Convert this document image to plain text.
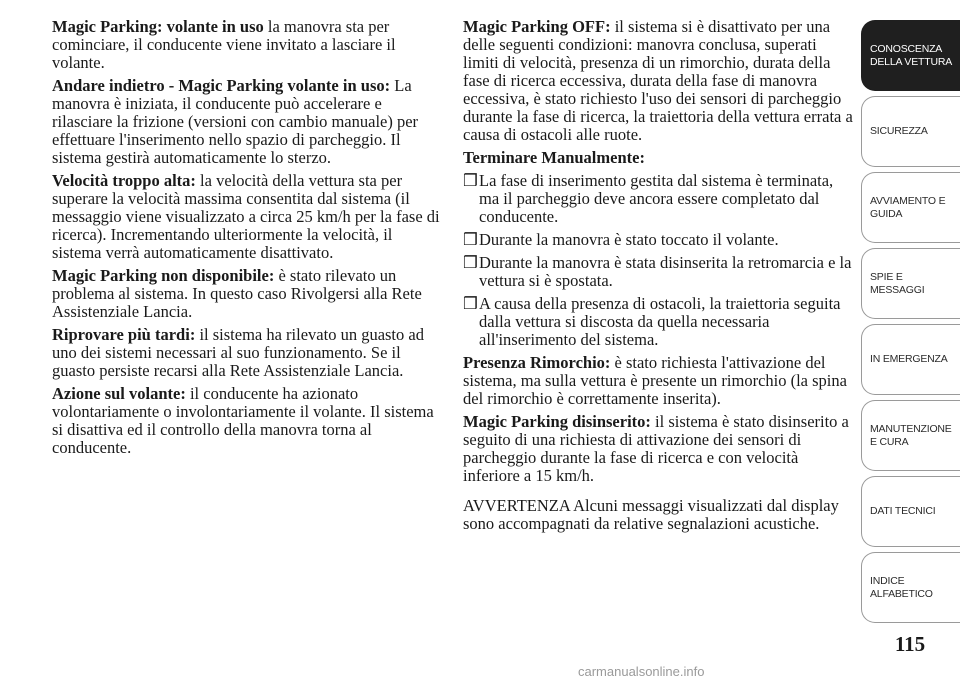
Magic Parking: volante in uso la manovra sta per cominciare, il conducente viene invitato a lasciare il volante.

Andare indietro - Magic Parking volante in uso: La manovra è iniziata, il conducente può accelerare e rilasciare la frizione (versioni con cambio manuale) per effettuare l'inserimento nello spazio di parcheggio. Il sistema gestirà automaticamente lo sterzo.

Velocità troppo alta: la velocità della vettura sta per superare la velocità massima consentita dal sistema (il messaggio viene visualizzato a circa 25 km/h per la fase di ricerca). Incrementando ulteriormente la velocità, il sistema verrà automaticamente disattivato.

Magic Parking non disponibile: è stato rilevato un problema al sistema. In questo caso Rivolgersi alla Rete Assistenziale Lancia.

Riprovare più tardi: il sistema ha rilevato un guasto ad uno dei sistemi necessari al suo funzionamento. Se il guasto persiste recarsi alla Rete Assistenziale Lancia.

Azione sul volante: il conducente ha azionato volontariamente o involontariamente il volante. Il sistema si disattiva ed il controllo della manovra torna al conducente.

Magic Parking OFF: il sistema si è disattivato per una delle seguenti condizioni: manovra conclusa, superati limiti di velocità, presenza di un rimorchio, durata della fase di ricerca eccessiva, durata della fase di manovra eccessiva, è stato richiesto l'uso dei sensori di parcheggio durante la fase di ricerca, la traiettoria della vettura errata a causa di ostacoli alle ruote.

Terminare Manualmente:

❒La fase di inserimento gestita dal sistema è terminata, ma il parcheggio deve ancora essere completato dal conducente.

❒Durante la manovra è stato toccato il volante.

❒Durante la manovra è stata disinserita la retromarcia e la vettura si è spostata.

❒A causa della presenza di ostacoli, la traiettoria seguita dalla vettura si discosta da quella necessaria all'inserimento del sistema.

Presenza Rimorchio: è stato richiesta l'attivazione del sistema, ma sulla vettura è presente un rimorchio (la spina del rimorchio è correttamente inserita).

Magic Parking disinserito: il sistema è stato disinserito a seguito di una richiesta di attivazione dei sensori di parcheggio durante la fase di ricerca e con velocità inferiore a 15 km/h.

AVVERTENZA Alcuni messaggi visualizzati dal display sono accompagnati da relative segnalazioni acustiche.

CONOSCENZA DELLA VETTURA
SICUREZZA
AVVIAMENTO E GUIDA
SPIE E MESSAGGI
IN EMERGENZA
MANUTENZIONE E CURA
DATI TECNICI
INDICE ALFABETICO
115
carmanualsonline.info
